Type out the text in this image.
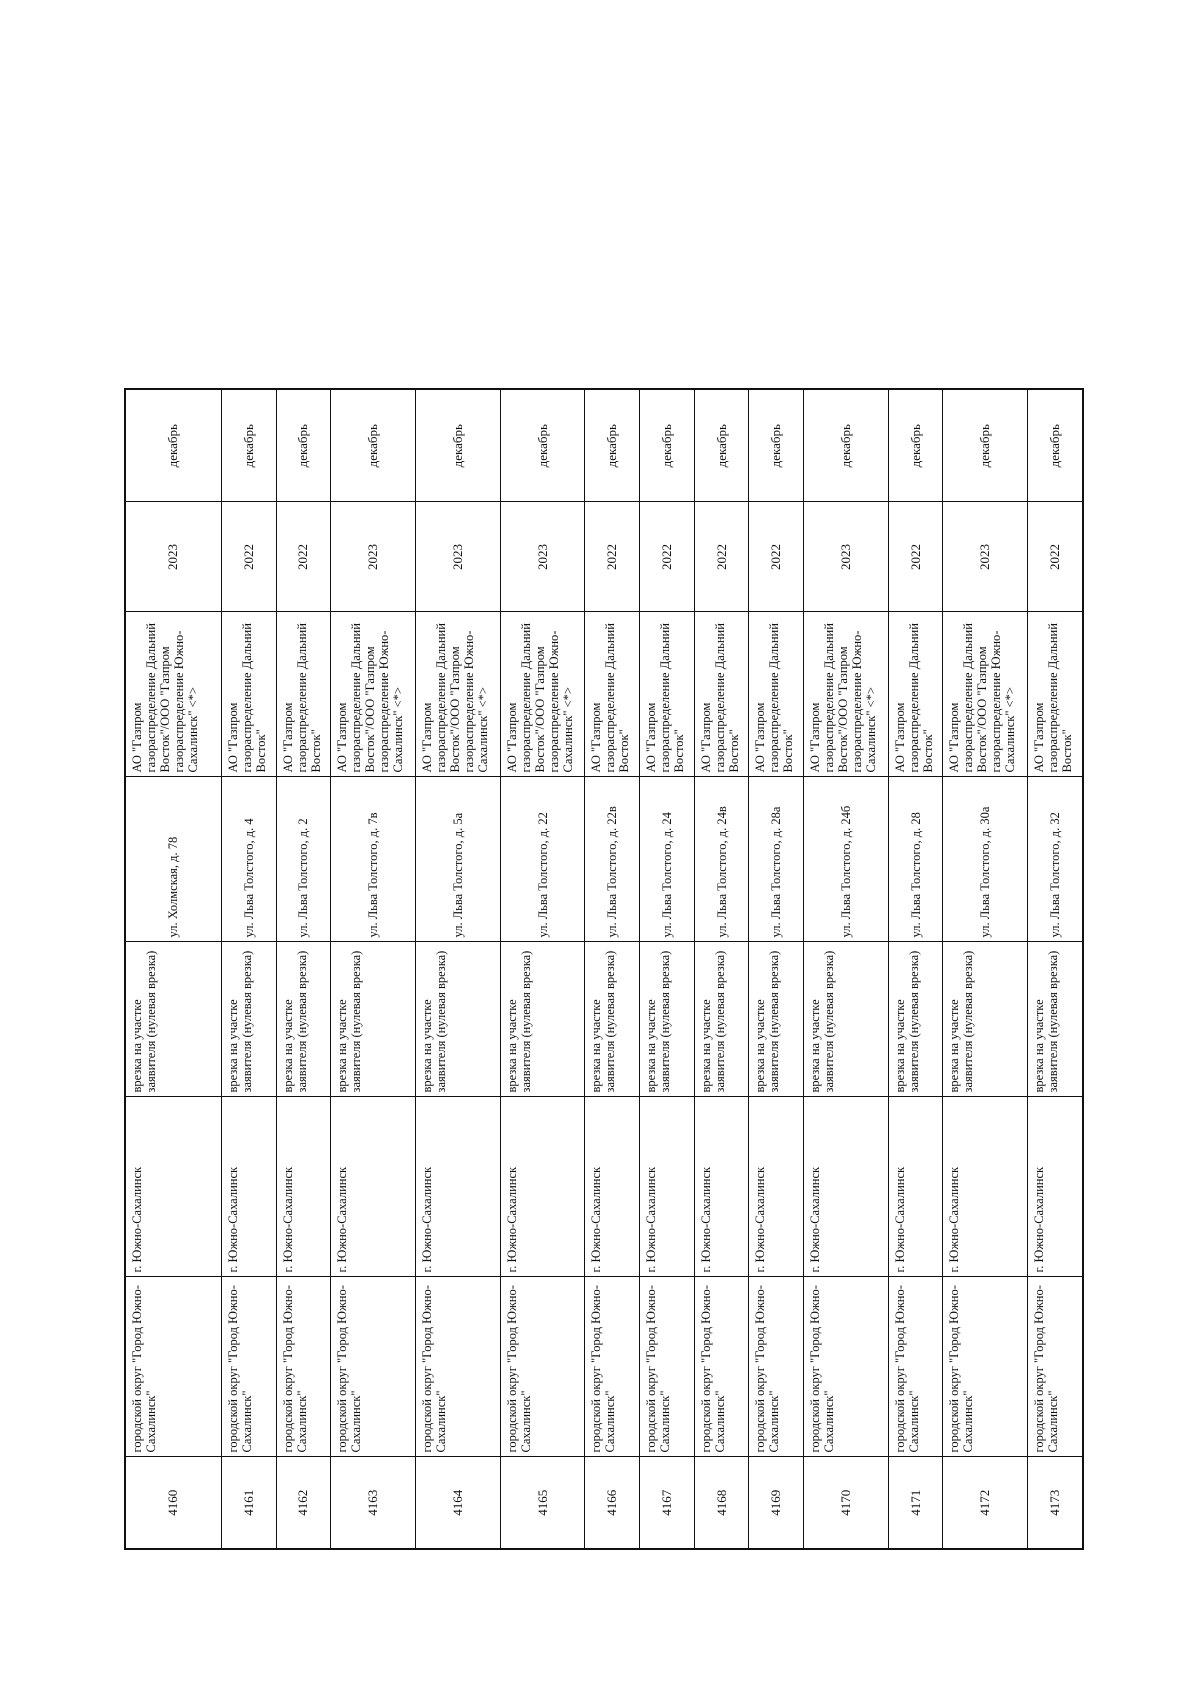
4160	городской округ "Город Южно-Сахалинск"	г. Южно-Сахалинск	врезка на участке заявителя (нулевая врезка)	ул. Холмская, д. 78	АО "Газпром газораспределение Дальний Восток"/ООО "Газпром газораспределение Южно-Сахалинск" <*>	2023	декабрь
4161	городской округ "Город Южно-Сахалинск"	г. Южно-Сахалинск	врезка на участке заявителя (нулевая врезка)	ул. Льва Толстого, д. 4	АО "Газпром газораспределение Дальний Восток"	2022	декабрь
4162	городской округ "Город Южно-Сахалинск"	г. Южно-Сахалинск	врезка на участке заявителя (нулевая врезка)	ул. Льва Толстого, д. 2	АО "Газпром газораспределение Дальний Восток"	2022	декабрь
4163	городской округ "Город Южно-Сахалинск"	г. Южно-Сахалинск	врезка на участке заявителя (нулевая врезка)	ул. Льва Толстого, д. 7в	АО "Газпром газораспределение Дальний Восток"/ООО "Газпром газораспределение Южно-Сахалинск" <*>	2023	декабрь
4164	городской округ "Город Южно-Сахалинск"	г. Южно-Сахалинск	врезка на участке заявителя (нулевая врезка)	ул. Льва Толстого, д. 5а	АО "Газпром газораспределение Дальний Восток"/ООО "Газпром газораспределение Южно-Сахалинск" <*>	2023	декабрь
4165	городской округ "Город Южно-Сахалинск"	г. Южно-Сахалинск	врезка на участке заявителя (нулевая врезка)	ул. Льва Толстого, д. 22	АО "Газпром газораспределение Дальний Восток"/ООО "Газпром газораспределение Южно-Сахалинск" <*>	2023	декабрь
4166	городской округ "Город Южно-Сахалинск"	г. Южно-Сахалинск	врезка на участке заявителя (нулевая врезка)	ул. Льва Толстого, д. 22в	АО "Газпром газораспределение Дальний Восток"	2022	декабрь
4167	городской округ "Город Южно-Сахалинск"	г. Южно-Сахалинск	врезка на участке заявителя (нулевая врезка)	ул. Льва Толстого, д. 24	АО "Газпром газораспределение Дальний Восток"	2022	декабрь
4168	городской округ "Город Южно-Сахалинск"	г. Южно-Сахалинск	врезка на участке заявителя (нулевая врезка)	ул. Льва Толстого, д. 24в	АО "Газпром газораспределение Дальний Восток"	2022	декабрь
4169	городской округ "Город Южно-Сахалинск"	г. Южно-Сахалинск	врезка на участке заявителя (нулевая врезка)	ул. Льва Толстого, д. 28а	АО "Газпром газораспределение Дальний Восток"	2022	декабрь
4170	городской округ "Город Южно-Сахалинск"	г. Южно-Сахалинск	врезка на участке заявителя (нулевая врезка)	ул. Льва Толстого, д. 24б	АО "Газпром газораспределение Дальний Восток"/ООО "Газпром газораспределение Южно-Сахалинск" <*>	2023	декабрь
4171	городской округ "Город Южно-Сахалинск"	г. Южно-Сахалинск	врезка на участке заявителя (нулевая врезка)	ул. Льва Толстого, д. 28	АО "Газпром газораспределение Дальний Восток"	2022	декабрь
4172	городской округ "Город Южно-Сахалинск"	г. Южно-Сахалинск	врезка на участке заявителя (нулевая врезка)	ул. Льва Толстого, д. 30а	АО "Газпром газораспределение Дальний Восток"/ООО "Газпром газораспределение Южно-Сахалинск" <*>	2023	декабрь
4173	городской округ "Город Южно-Сахалинск"	г. Южно-Сахалинск	врезка на участке заявителя (нулевая врезка)	ул. Льва Толстого, д. 32	АО "Газпром газораспределение Дальний Восток"	2022	декабрь
